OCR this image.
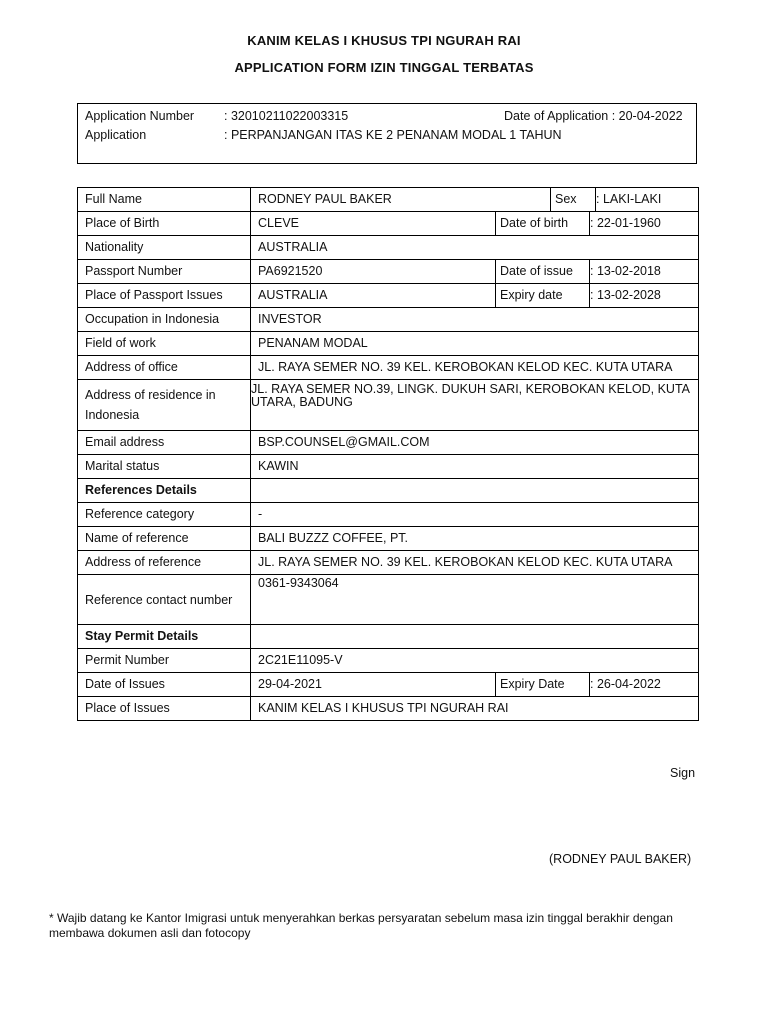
KANIM KELAS I KHUSUS TPI NGURAH RAI
APPLICATION FORM IZIN TINGGAL TERBATAS
Application Number : 32010211022003315	Date of Application : 20-04-2022
Application	: PERPANJANGAN ITAS KE 2 PENANAM MODAL 1 TAHUN
Full Name	RODNEY PAUL BAKER	Sex	: LAKI-LAKI
Place of Birth	CLEVE	Date of birth	: 22-01-1960
Nationality	AUSTRALIA		
Passport Number	PA6921520	Date of issue	: 13-02-2018
Place of Passport Issues	AUSTRALIA	Expiry date	: 13-02-2028
Occupation in Indonesia	INVESTOR		
Field of work	PENANAM MODAL		
Address of office	JL. RAYA SEMER NO. 39 KEL. KEROBOKAN KELOD KEC. KUTA UTARA		
Address of residence in Indonesia	JL. RAYA SEMER NO.39, LINGK. DUKUH SARI, KEROBOKAN KELOD, KUTA UTARA, BADUNG		
Email address	BSP.COUNSEL@GMAIL.COM		
Marital status	KAWIN		
References Details			
Reference category	-		
Name of reference	BALI BUZZZ COFFEE, PT.		
Address of reference	JL. RAYA SEMER NO. 39 KEL. KEROBOKAN KELOD KEC. KUTA UTARA		
Reference contact number	0361-9343064		
Stay Permit Details			
Permit Number	2C21E11095-V		
Date of Issues	29-04-2021	Expiry Date	: 26-04-2022
Place of Issues	KANIM KELAS I KHUSUS TPI NGURAH RAI		
Sign
(RODNEY PAUL BAKER)
* Wajib datang ke Kantor Imigrasi untuk menyerahkan berkas persyaratan sebelum masa izin tinggal berakhir dengan membawa dokumen asli dan fotocopy
